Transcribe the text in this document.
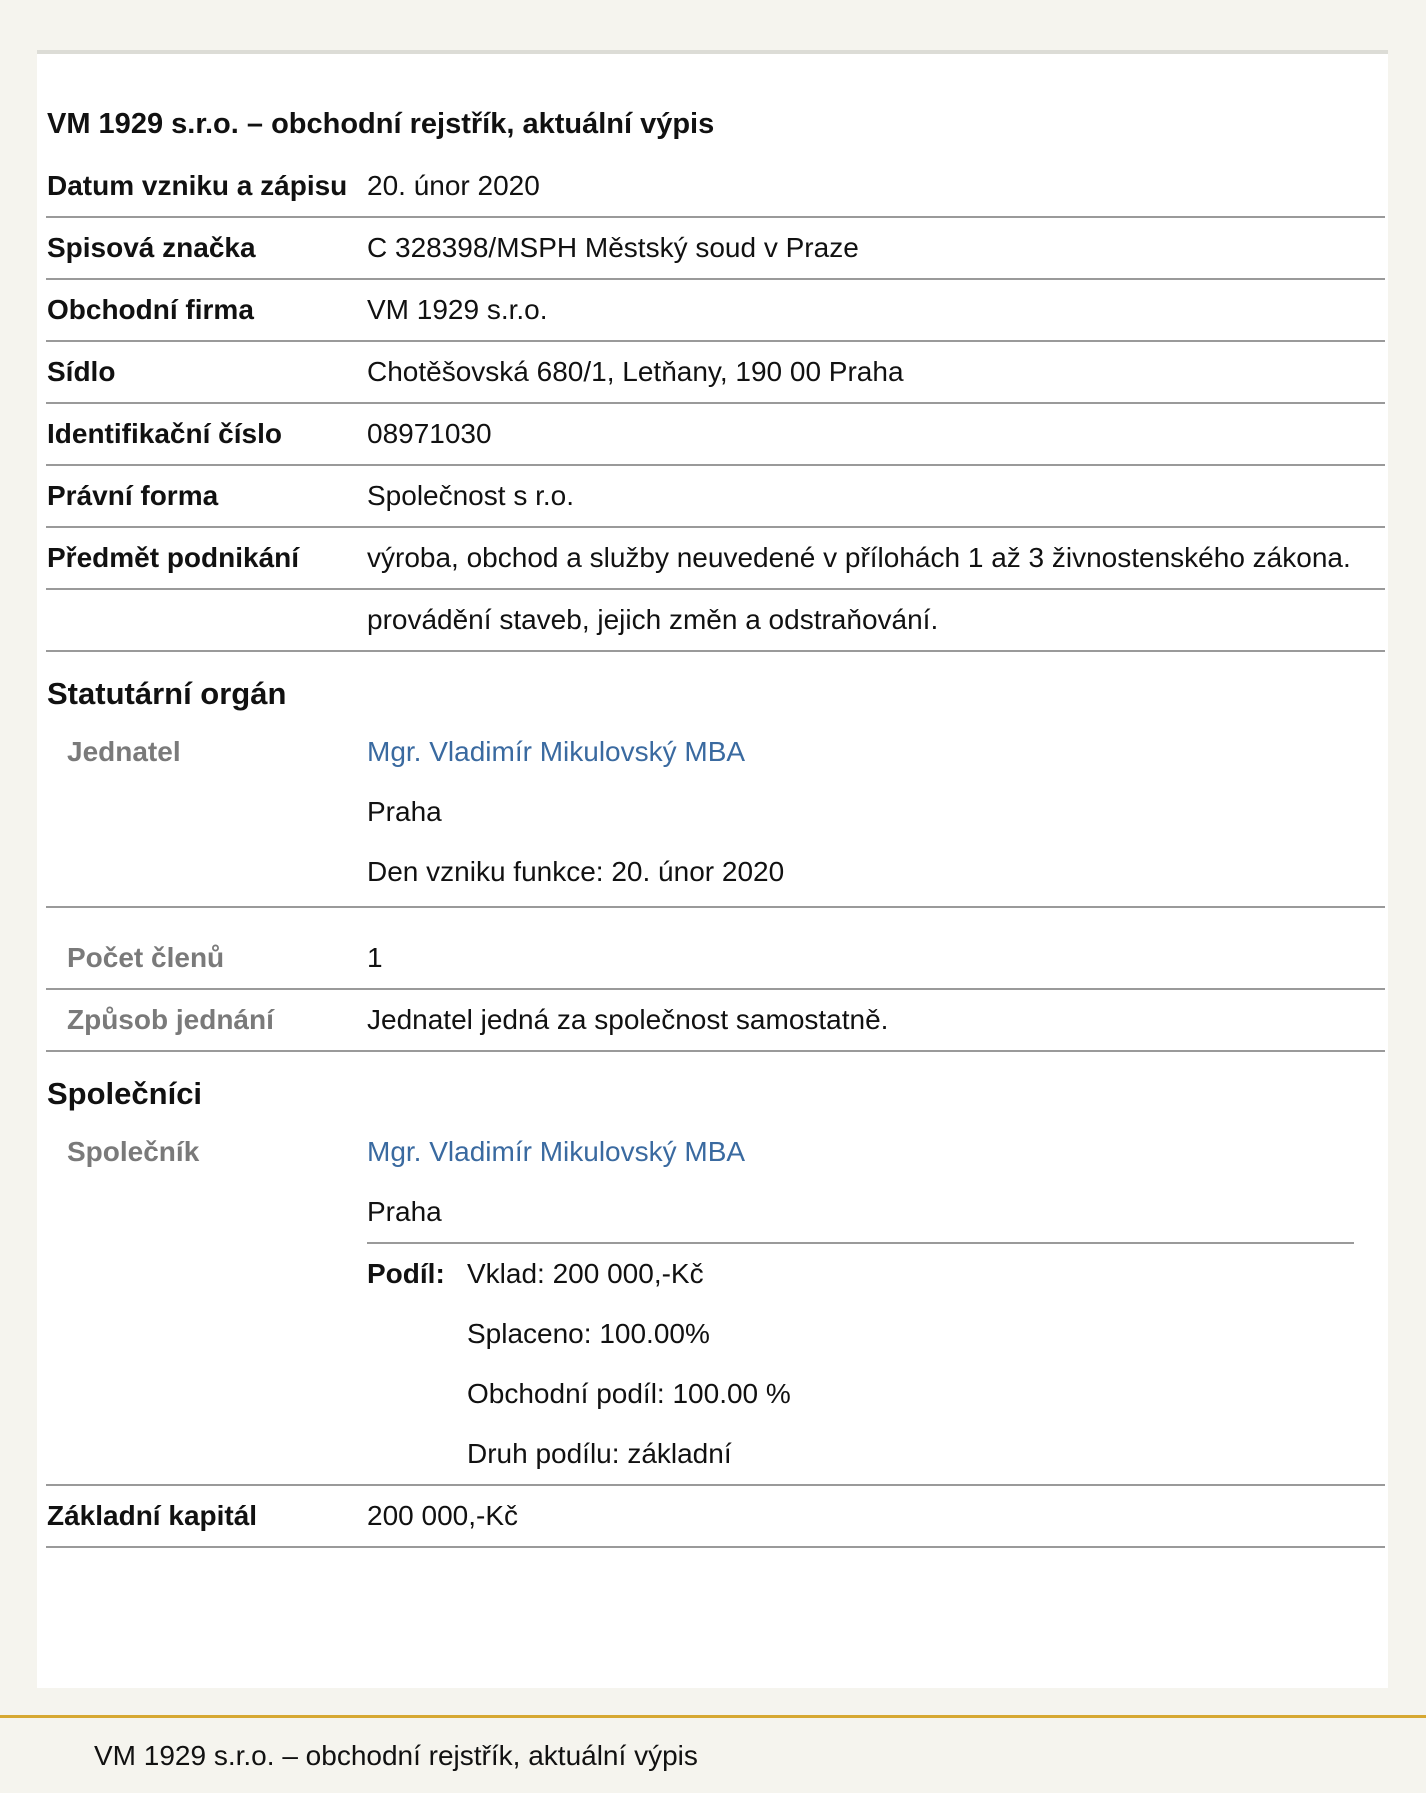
VM 1929 s.r.o. – obchodní rejstřík, aktuální výpis
Datum vzniku a zápisu 20. únor 2020
Spisová značka	C 328398/MSPH Městský soud v Praze
Obchodní firma	VM 1929 s.r.o.
Sídlo	Chotěšovská 680/1, Letňany, 190 00 Praha
Identifikační číslo	08971030
Právní forma	Společnost s r.o.
Předmět podnikání	výroba, obchod a služby neuvedené v přílohách 1 až 3 živnostenského zákona.
provádění staveb, jejich změn a odstraňování.
Statutární orgán
Jednatel	Mgr. Vladimír Mikulovský MBA
Praha
Den vzniku funkce: 20. únor 2020
Počet členů	1
Způsob jednání	Jednatel jedná za společnost samostatně.
Společníci
Společník	Mgr. Vladimír Mikulovský MBA
Praha
Podíl: Vklad: 200 000,-Kč
Splaceno: 100.00%
Obchodní podíl: 100.00 %
Druh podílu: základní
Základní kapitál	200 000,-Kč
VM 1929 s.r.o. – obchodní rejstřík, aktuální výpis
